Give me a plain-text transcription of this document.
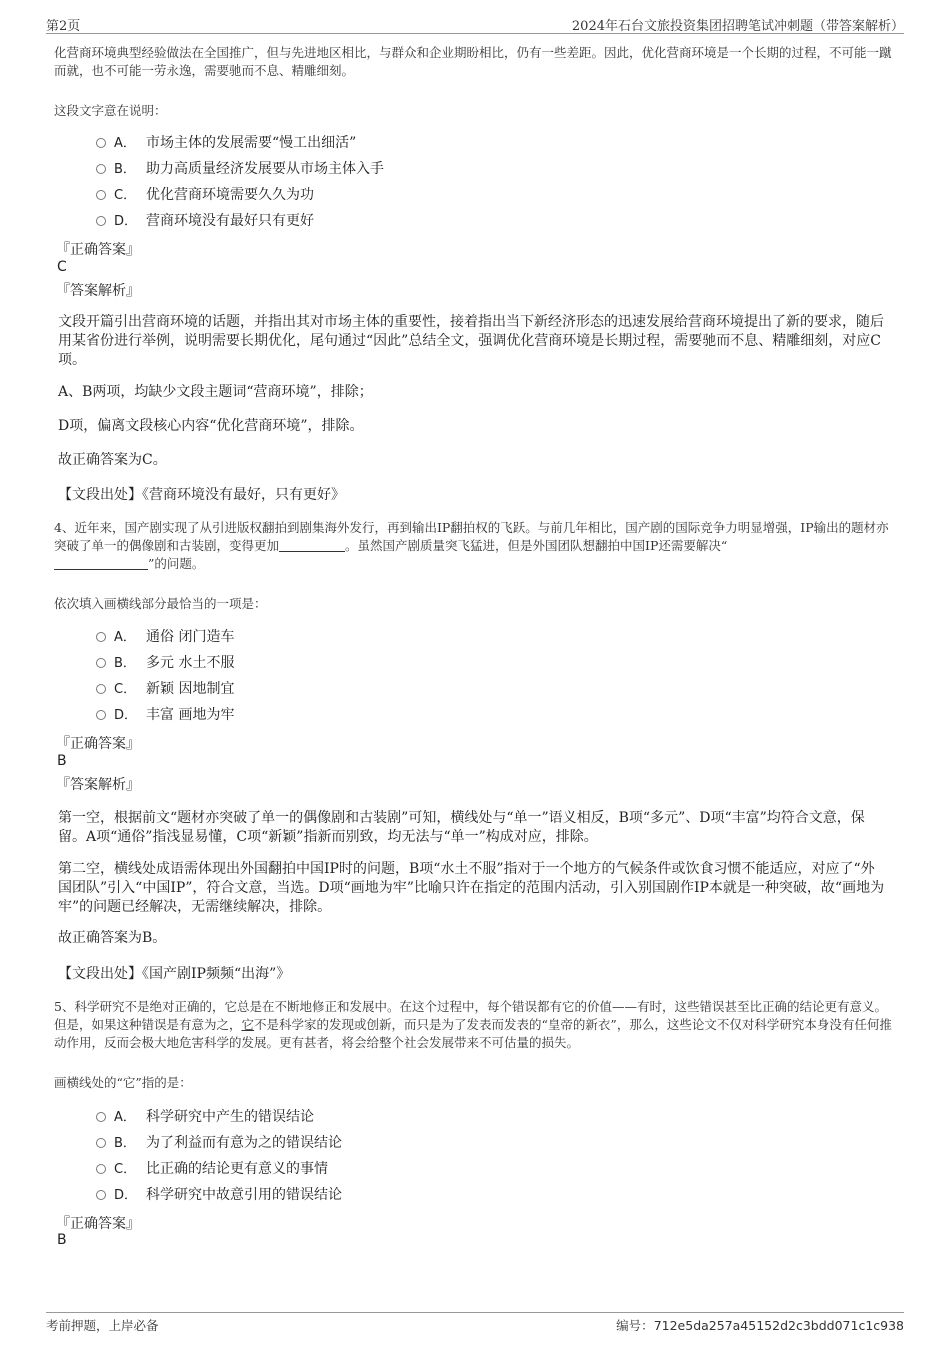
第2页	2024年石台文旅投资集团招聘笔试冲刺题（带答案解析）
化营商环境典型经验做法在全国推广，但与先进地区相比，与群众和企业期盼相比，仍有一些差距。因此，优化营商环境是一个长期的过程，不可能一蹴而就，也不可能一劳永逸，需要驰而不息、精雕细刻。
这段文字意在说明：
A． 市场主体的发展需要“慢工出细活”
B． 助力高质量经济发展要从市场主体入手
C． 优化营商环境需要久久为功
D． 营商环境没有最好只有更好
『正确答案』
C
『答案解析』
文段开篇引出营商环境的话题，并指出其对市场主体的重要性，接着指出当下新经济形态的迅速发展给营商环境提出了新的要求，随后用某省份进行举例，说明需要长期优化，尾句通过“因此”总结全文，强调优化营商环境是长期过程，需要驰而不息、精雕细刻，对应C项。
A、B两项，均缺少文段主题词“营商环境”，排除；
D项，偏离文段核心内容“优化营商环境”，排除。
故正确答案为C。
【文段出处】《营商环境没有最好，只有更好》
4、近年来，国产剧实现了从引进版权翻拍到剧集海外发行，再到输出IP翻拍权的飞跃。与前几年相比，国产剧的国际竞争力明显增强，IP输出的题材亦突破了单一的偶像剧和古装剧，变得更加	。虽然国产剧质量突飞猛进，但是外国团队想翻拍中国IP还需要解决“
”的问题。
依次填入画横线部分最恰当的一项是：
A． 通俗 闭门造车
B． 多元 水土不服
C． 新颖 因地制宜
D． 丰富 画地为牢
『正确答案』
B
『答案解析』
第一空，根据前文“题材亦突破了单一的偶像剧和古装剧”可知，横线处与“单一”语义相反，B项“多元”、D项“丰富”均符合文意，保留。A项“通俗”指浅显易懂，C项“新颖”指新而别致，均无法与“单一”构成对应，排除。
第二空，横线处成语需体现出外国翻拍中国IP时的问题，B项“水土不服”指对于一个地方的气候条件或饮食习惯不能适应，对应了“外国团队”引入“中国IP”，符合文意，当选。D项“画地为牢”比喻只许在指定的范围内活动，引入别国剧作IP本就是一种突破，故“画地为牢”的问题已经解决，无需继续解决，排除。
故正确答案为B。
【文段出处】《国产剧IP频频“出海”》
5、科学研究不是绝对正确的，它总是在不断地修正和发展中。在这个过程中，每个错误都有它的价值——有时，这些错误甚至比正确的结论更有意义。但是，如果这种错误是有意为之，它不是科学家的发现或创新，而只是为了发表而发表的“皇帝的新衣”，那么，这些论文不仅对科学研究本身没有任何推动作用，反而会极大地危害科学的发展。更有甚者，将会给整个社会发展带来不可估量的损失。
画横线处的“它”指的是：
A． 科学研究中产生的错误结论
B． 为了利益而有意为之的错误结论
C． 比正确的结论更有意义的事情
D． 科学研究中故意引用的错误结论
『正确答案』
B
考前押题，上岸必备	编号：712e5da257a45152d2c3bdd071c1c938
